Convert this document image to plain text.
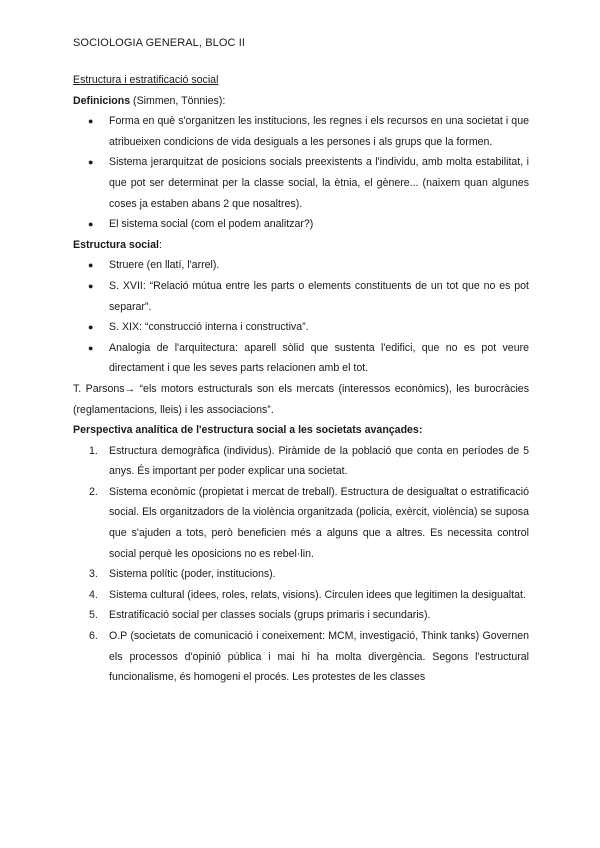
SOCIOLOGIA GENERAL, BLOC II

Estructura i estratificació social

Definicions (Simmen, Tönnies):

● Forma en què s'organitzen les institucions, les regnes i els recursos en una societat i que atribueixen condicions de vida desiguals a les persones i als grups que la formen.
● Sistema jerarquitzat de posicions socials preexistents a l'individu, amb molta estabilitat, i que pot ser determinat per la classe social, la ètnia, el gènere... (naixem quan algunes coses ja estaben abans 2 que nosaltres).
● El sistema social (com el podem analitzar?)

Estructura social:

● Struere (en llatí, l'arrel).
● S. XVII: “Relació mútua entre les parts o elements constituents de un tot que no es pot separar”.
● S. XIX: “construcció interna i constructiva”.
● Analogia de l'arquitectura: aparell sòlid que sustenta l'edifici, que no es pot veure directament i que les seves parts relacionen amb el tot.

T. Parsons→ “els motors estructurals son els mercats (interessos econòmics), les burocràcies (reglamentacions, lleis) i les associacions”.

Perspectiva analítica de l'estructura social a les societats avançades:

1. Estructura demogràfica (individus). Piràmide de la població que conta en períodes de 5 anys. És important per poder explicar una societat.
2. Sistema econòmic (propietat i mercat de treball). Estructura de desigualtat o estratificació social. Els organitzadors de la violència organitzada (policia, exèrcit, violència) se suposa que s'ajuden a tots, però beneficien més a alguns que a altres. Es necessita control social perquè les oposicions no es rebel·lin.
3. Sistema polític (poder, institucions).
4. Sistema cultural (idees, roles, relats, visions). Circulen idees que legitimen la desigualtat.
5. Estratificació social per classes socials (grups primaris i secundaris).
6. O.P (societats de comunicació i coneixement: MCM, investigació, Think tanks) Governen els processos d'opinió pública i mai hi ha molta divergència. Segons l'estructural funcionalisme, és homogeni el procés. Les protestes de les classes
